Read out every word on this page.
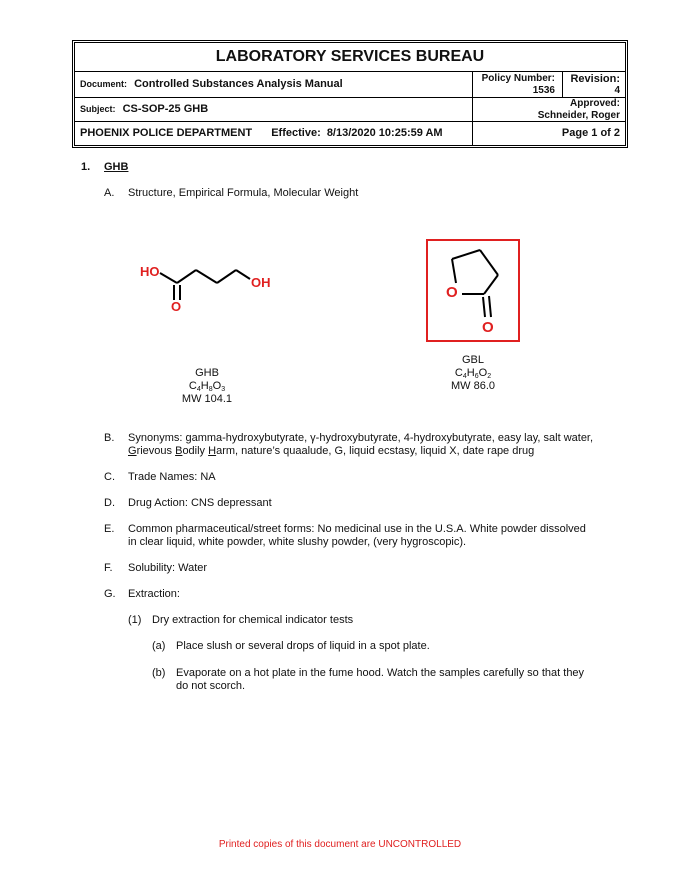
LABORATORY SERVICES BUREAU
Document: Controlled Substances Analysis Manual	Policy Number:
1536
Revision:
4
Subject: CS-SOP-25 GHB	Approved:
Schneider, Roger
PHOENIX POLICE DEPARTMENT Effective: 8/13/2020 10:25:59 AM	Page 1 of 2
1. GHB
A. Structure, Empirical Formula, Molecular Weight
HO
OH
O
O
O
GHB
$C_4H_8O_3$
MW 104.1
GBL
$C_4H_6O_2$
MW 86.0
B. Synonyms: gamma-hydroxybutyrate, γ-hydroxybutyrate, 4-hydroxybutyrate, easy lay, salt water,
Grievous Bodily Harm, nature’s quaalude, G, liquid ecstasy, liquid X, date rape drug
C. Trade Names: NA
D. Drug Action: CNS depressant
E. Common pharmaceutical/street forms: No medicinal use in the U.S.A. White powder dissolved
in clear liquid, white powder, white slushy powder, (very hygroscopic).
F. Solubility: Water
G. Extraction:
(1) Dry extraction for chemical indicator tests
(a) Place slush or several drops of liquid in a spot plate.
(b) Evaporate on a hot plate in the fume hood. Watch the samples carefully so that they
do not scorch.
Printed copies of this document are UNCONTROLLED
